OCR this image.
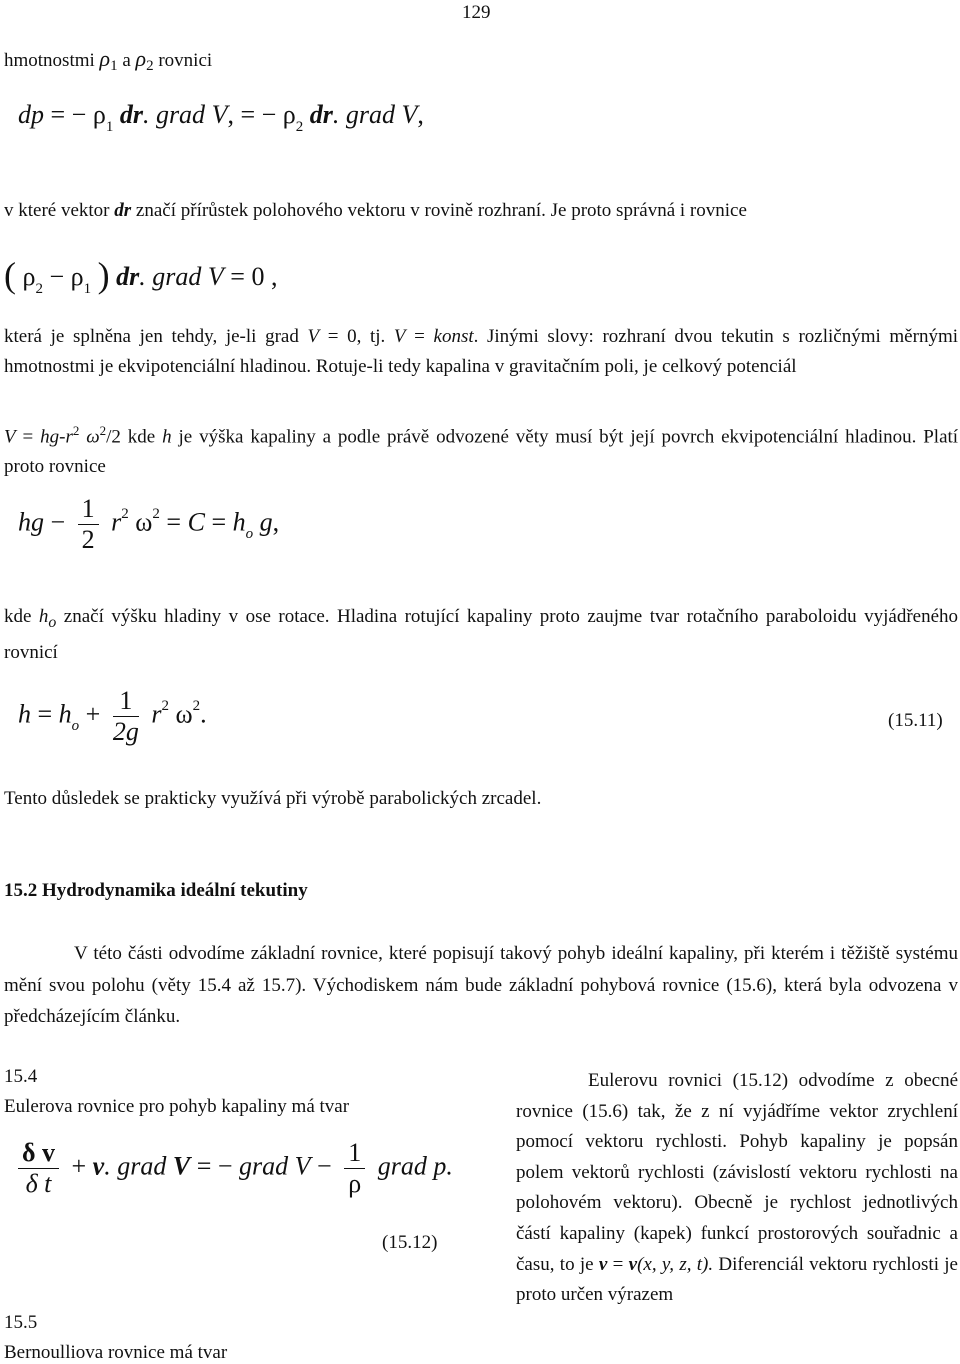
129
hmotnostmi $\rho_1$ a $\rho_2$ rovnici
dp = − $\rho_1$ dr. grad V, = − $\rho_2$ dr. grad V,
v které vektor dr značí přírůstek polohového vektoru v rovině rozhraní. Je proto správná i rovnice
( $\rho_2 - \rho_1$ ) dr. grad V = 0 ,
která je splněna jen tehdy, je-li grad V = 0, tj. V = konst. Jinými slovy: rozhraní dvou tekutin s rozličnými měrnými hmotnostmi je ekvipotenciální hladinou. Rotuje-li tedy kapalina v gravitačním poli, je celkový potenciál
$V = hg-r^2$ $\omega^2/2$ kde h je výška kapaliny a podle právě odvozené věty musí být její povrch ekvipotenciální hladinou. Platí proto rovnice
hg − $\frac{1}{2} r^2$ $\omega^2 = C = h_o$ g,
kde $h_o$ značí výšku hladiny v ose rotace. Hladina rotující kapaliny proto zaujme tvar rotačního paraboloidu vyjádřeného rovnicí
$h = h_o + \frac{1}{2g} r^2$ $\omega^2$.	(15.11)
Tento důsledek se prakticky využívá při výrobě parabolických zrcadel.
15.2 Hydrodynamika ideální tekutiny
V této části odvodíme základní rovnice, které popisují takový pohyb ideální kapaliny, při kterém i těžiště systému mění svou polohu (věty 15.4 až 15.7). Východiskem nám bude základní pohybová rovnice (15.6), která byla odvozena v předcházejícím článku.
15.4
Eulerova rovnice pro pohyb kapaliny má tvar
$\frac{\text{δ v}}{\text{δ t}} + v$. grad V = − grad $V - \frac{1}{\rho}$ grad p.
(15.12)
15.5
Bernoulliova rovnice má tvar
Eulerovu rovnici (15.12) odvodíme z obecné rovnice (15.6) tak, že z ní vyjádříme vektor zrychlení pomocí vektoru rychlosti. Pohyb kapaliny je popsán polem vektorů rychlosti (závislostí vektoru rychlosti na polohovém vektoru). Obecně je rychlost jednotlivých částí kapaliny (kapek) funkcí prostorových souřadnic a času, to je v = v(x, y, z, t). Diferenciál vektoru rychlosti je proto určen výrazem
